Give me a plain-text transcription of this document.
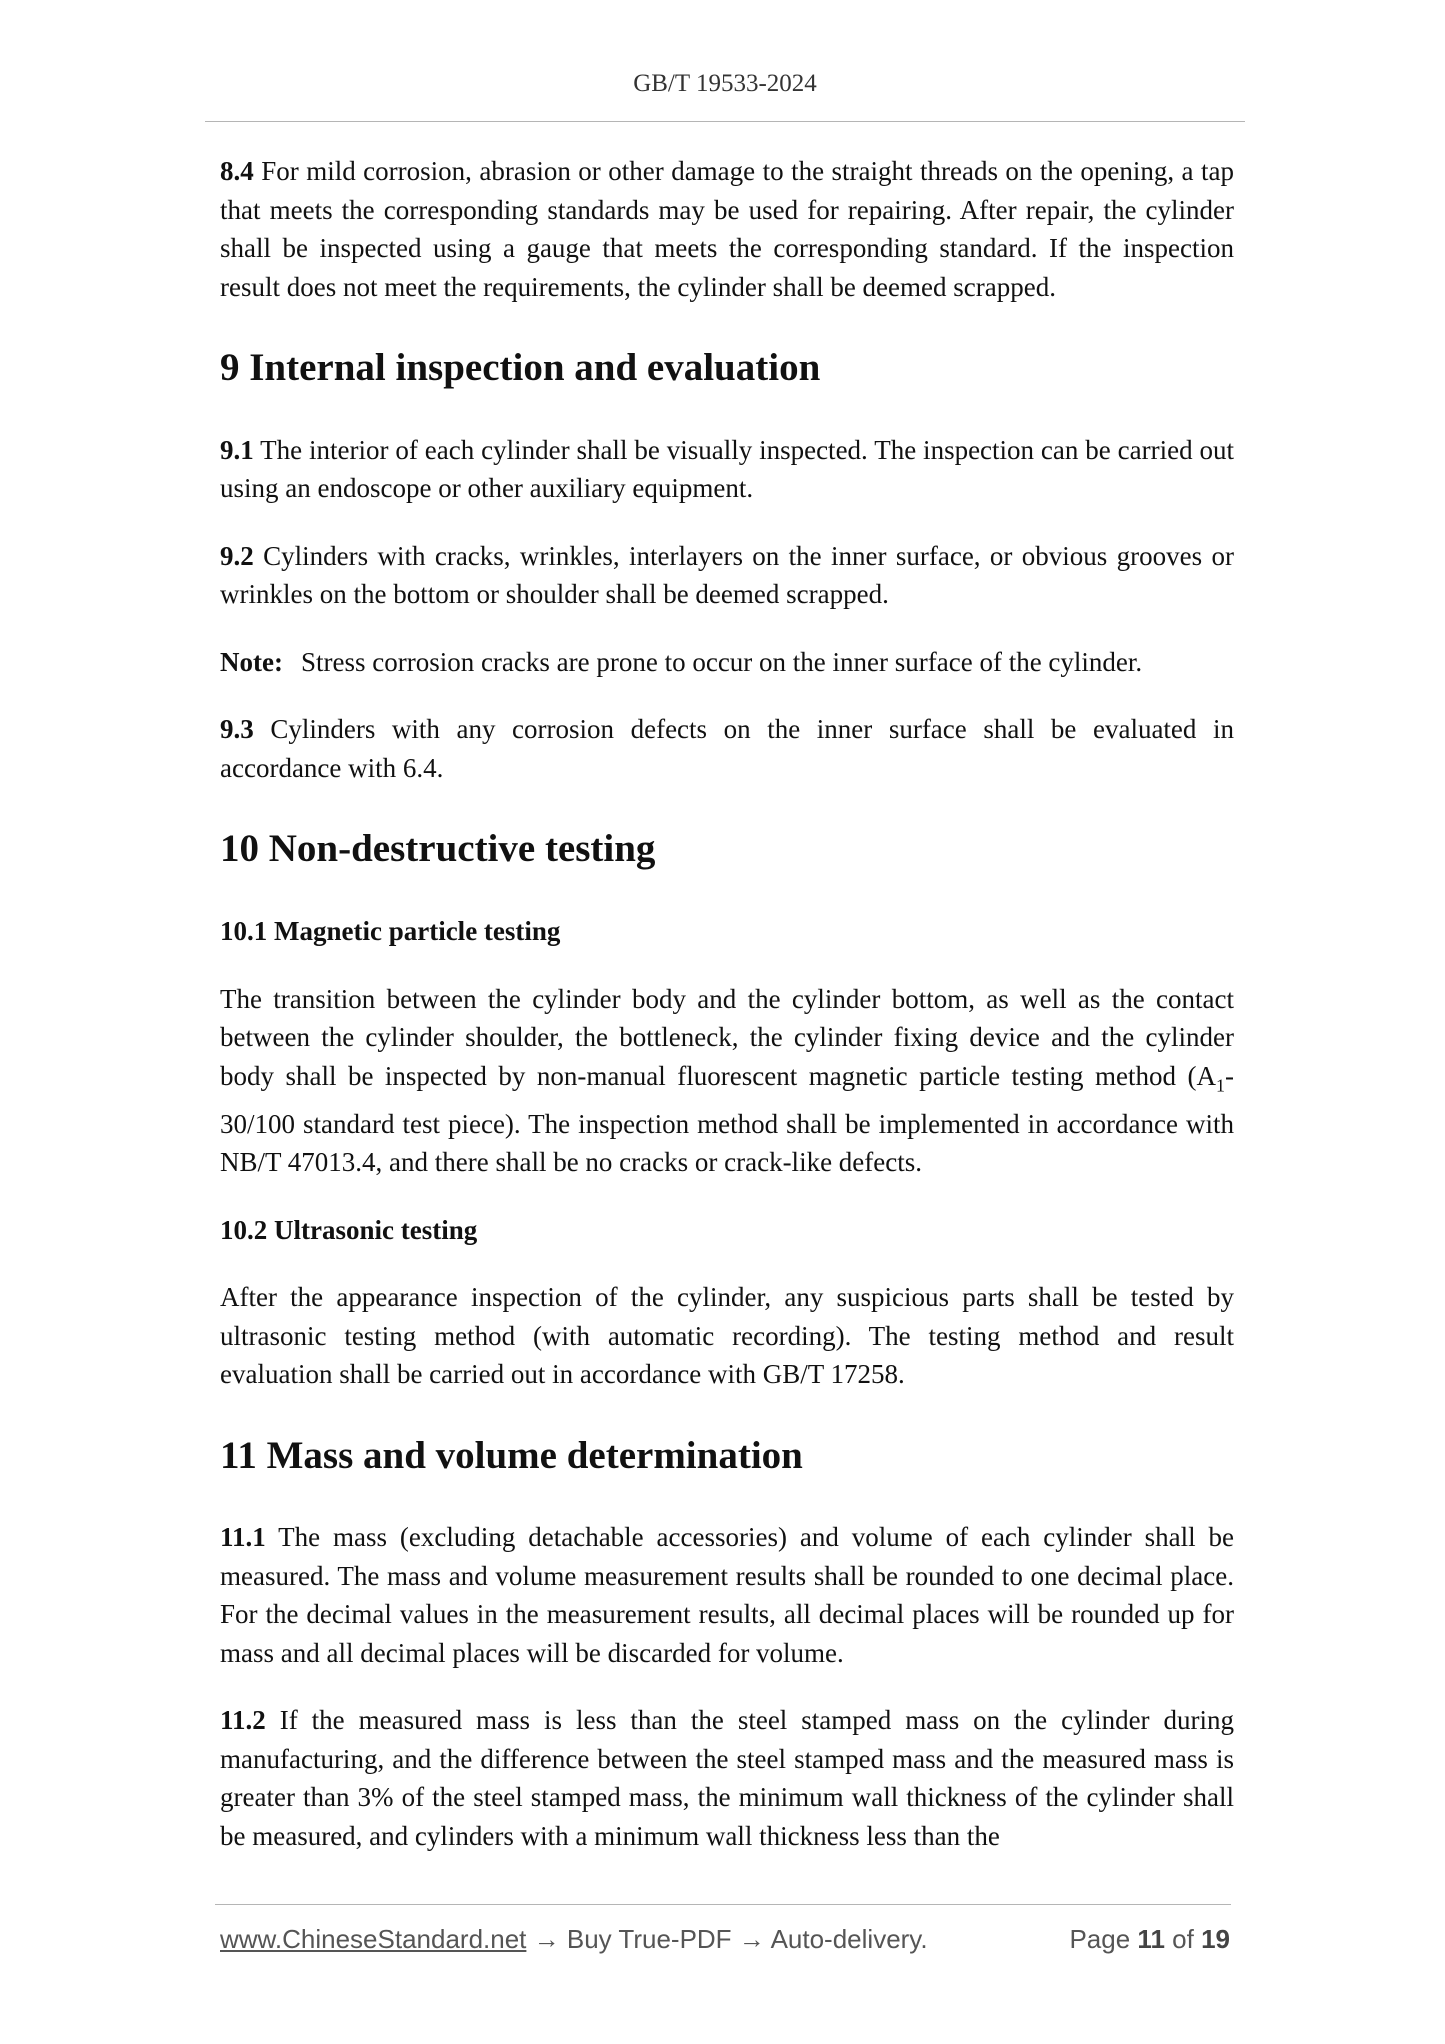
GB/T 19533-2024

8.4 For mild corrosion, abrasion or other damage to the straight threads on the opening, a tap that meets the corresponding standards may be used for repairing. After repair, the cylinder shall be inspected using a gauge that meets the corresponding standard. If the inspection result does not meet the requirements, the cylinder shall be deemed scrapped.

9 Internal inspection and evaluation

9.1 The interior of each cylinder shall be visually inspected. The inspection can be carried out using an endoscope or other auxiliary equipment.

9.2 Cylinders with cracks, wrinkles, interlayers on the inner surface, or obvious grooves or wrinkles on the bottom or shoulder shall be deemed scrapped.

Note: Stress corrosion cracks are prone to occur on the inner surface of the cylinder.

9.3 Cylinders with any corrosion defects on the inner surface shall be evaluated in accordance with 6.4.

10 Non-destructive testing
10.1 Magnetic particle testing

The transition between the cylinder body and the cylinder bottom, as well as the contact between the cylinder shoulder, the bottleneck, the cylinder fixing device and the cylinder body shall be inspected by non-manual fluorescent magnetic particle testing method ($A_1-30/100$ standard test piece). The inspection method shall be implemented in accordance with NB/T 47013.4, and there shall be no cracks or crack-like defects.

10.2 Ultrasonic testing

After the appearance inspection of the cylinder, any suspicious parts shall be tested by ultrasonic testing method (with automatic recording). The testing method and result evaluation shall be carried out in accordance with GB/T 17258.

11 Mass and volume determination

11.1 The mass (excluding detachable accessories) and volume of each cylinder shall be measured. The mass and volume measurement results shall be rounded to one decimal place. For the decimal values in the measurement results, all decimal places will be rounded up for mass and all decimal places will be discarded for volume.

11.2 If the measured mass is less than the steel stamped mass on the cylinder during manufacturing, and the difference between the steel stamped mass and the measured mass is greater than 3% of the steel stamped mass, the minimum wall thickness of the cylinder shall be measured, and cylinders with a minimum wall thickness less than the

www.ChineseStandard.net → Buy True-PDF → Auto-delivery.	Page 11 of 19
